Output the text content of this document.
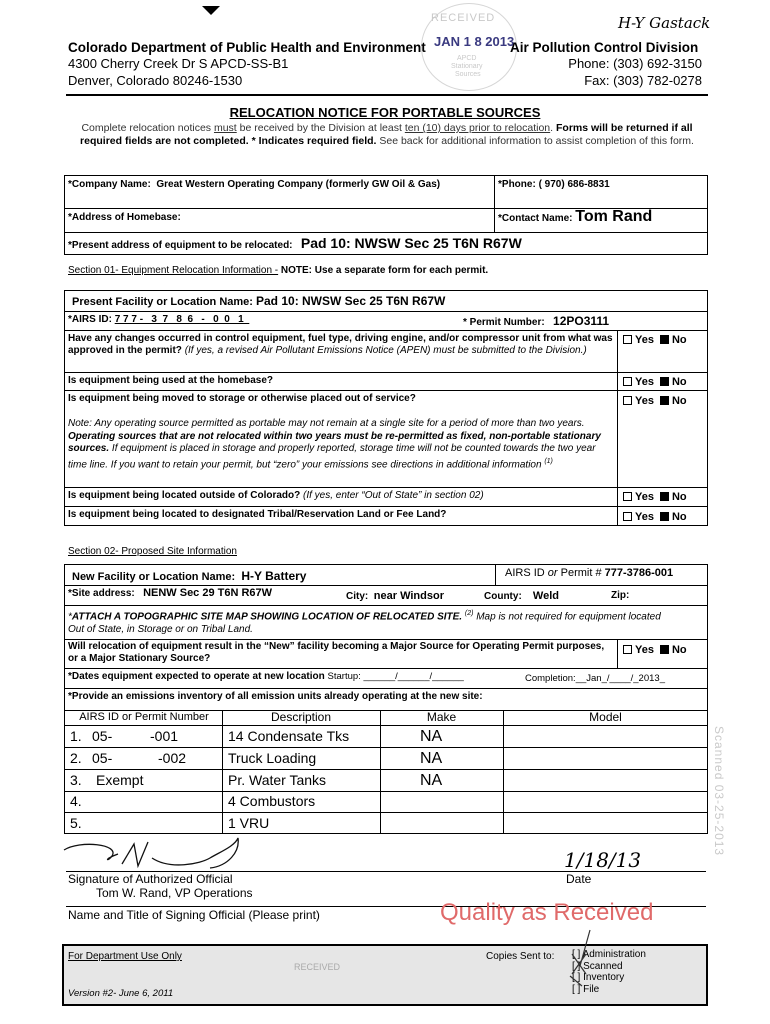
RECEIVED
APCD
Stationary
Sources
JAN 1 8 2013
H-Y Gastack
Colorado Department of Public Health and Environment
4300 Cherry Creek Dr S APCD-SS-B1
Denver, Colorado 80246-1530
Air Pollution Control Division
Phone: (303) 692-3150
Fax: (303) 782-0278
RELOCATION NOTICE FOR PORTABLE SOURCES
Complete relocation notices must be received by the Division at least ten (10) days prior to relocation. Forms will be returned if all required fields are not completed. * Indicates required field. See back for additional information to assist completion of this form.
*Company Name: Great Western Operating Company (formerly GW Oil & Gas)	*Phone: ( 970) 686-8831
*Address of Homebase:	*Contact Name: Tom Rand
*Present address of equipment to be relocated: Pad 10: NWSW Sec 25 T6N R67W
Section 01- Equipment Relocation Information - NOTE: Use a separate form for each permit.
Present Facility or Location Name: Pad 10: NWSW Sec 25 T6N R67W
*AIRS ID: 7 7 7 - _3_7 _8_6_ - _0_0 _1_	* Permit Number: 12PO3111
Have any changes occurred in control equipment, fuel type, driving engine, and/or compressor unit from what was approved in the permit? (If yes, a revised Air Pollutant Emissions Notice (APEN) must be submitted to the Division.)
Yes No
Is equipment being used at the homebase?	Yes No
Is equipment being moved to storage or otherwise placed out of service?	Yes No
Note: Any operating source permitted as portable may not remain at a single site for a period of more than two years. Operating sources that are not relocated within two years must be re-permitted as fixed, non-portable stationary sources. If equipment is placed in storage and properly reported, storage time will not be counted towards the two year time line. If you want to retain your permit, but “zero” your emissions see directions in additional information $^{(1)}$
Is equipment being located outside of Colorado? (If yes, enter “Out of State” in section 02)	Yes No
Is equipment being located to designated Tribal/Reservation Land or Fee Land?	Yes No
Section 02- Proposed Site Information
New Facility or Location Name: H-Y Battery	AIRS ID or Permit # 777-3786-001
*Site address: NENW Sec 29 T6N R67W	City: near Windsor	County: Weld	Zip:
*ATTACH A TOPOGRAPHIC SITE MAP SHOWING LOCATION OF RELOCATED SITE. $^{(2)}$ Map is not required for equipment located Out of State, in Storage or on Tribal Land.
Will relocation of equipment result in the “New” facility becoming a Major Source for Operating Permit purposes, or a Major Stationary Source?
Yes No
*Dates equipment expected to operate at new location Startup: ______/______/______	Completion:__Jan_/____/_2013_
*Provide an emissions inventory of all emission units already operating at the new site:
AIRS ID or Permit Number	Description	Make	Model
1. 05-	-001	14 Condensate Tks	NA
2. 05-	-002	Truck Loading	NA
3. Exempt	Pr. Water Tanks	NA
4.	4 Combustors
5.	1 VRU	Scanned 03-25-2013
Signature of Authorized Official
1/18/13
Date
Tom W. Rand, VP Operations
Name and Title of Signing Official (Please print)	Quality as Received
For Department Use Only
RECEIVED
Version #2- June 6, 2011
Copies Sent to: [ ] Administration
[ ] Scanned
[ ] Inventory
[ ] File
